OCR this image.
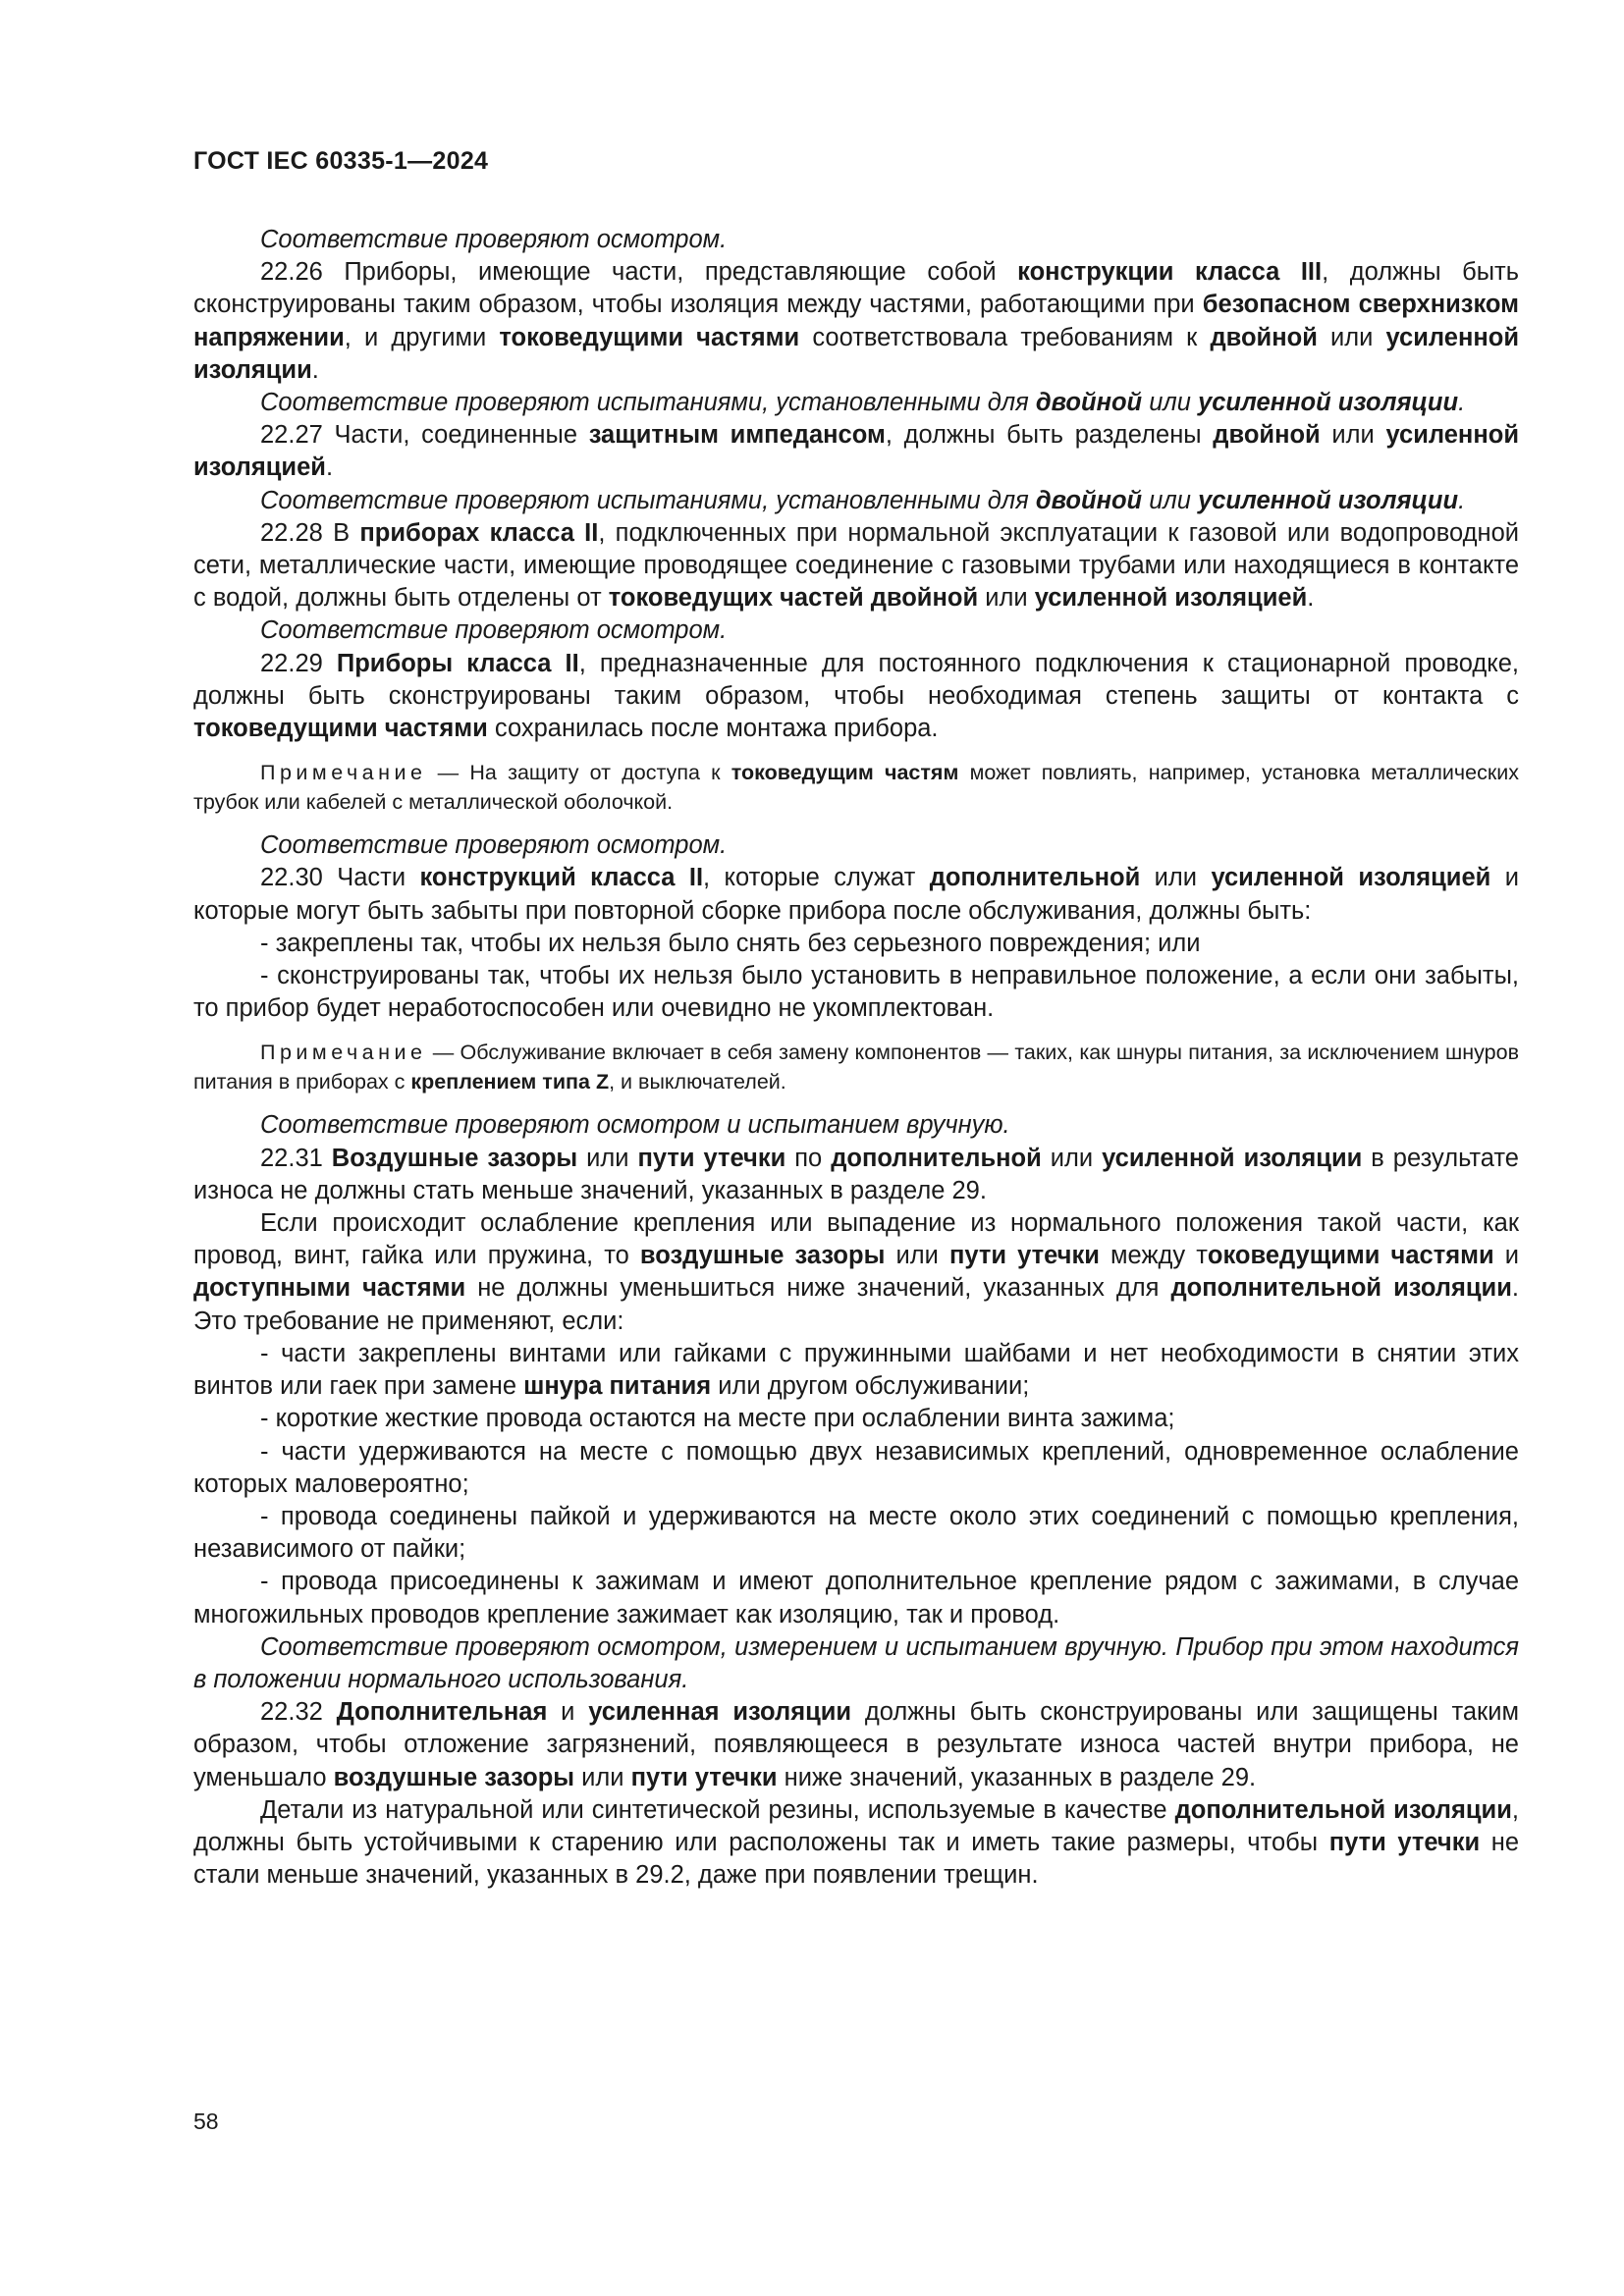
ГОСТ IEC 60335-1—2024

Соответствие проверяют осмотром.

22.26 Приборы, имеющие части, представляющие собой конструкции класса III, должны быть сконструированы таким образом, чтобы изоляция между частями, работающими при безопасном сверхнизком напряжении, и другими токоведущими частями соответствовала требованиям к двойной или усиленной изоляции.

Соответствие проверяют испытаниями, установленными для двойной или усиленной изоляции.

22.27 Части, соединенные защитным импедансом, должны быть разделены двойной или усиленной изоляцией.

Соответствие проверяют испытаниями, установленными для двойной или усиленной изоляции.

22.28 В приборах класса II, подключенных при нормальной эксплуатации к газовой или водопроводной сети, металлические части, имеющие проводящее соединение с газовыми трубами или находящиеся в контакте с водой, должны быть отделены от токоведущих частей двойной или усиленной изоляцией.

Соответствие проверяют осмотром.

22.29 Приборы класса II, предназначенные для постоянного подключения к стационарной проводке, должны быть сконструированы таким образом, чтобы необходимая степень защиты от контакта с токоведущими частями сохранилась после монтажа прибора.

Примечание — На защиту от доступа к токоведущим частям может повлиять, например, установка металлических трубок или кабелей с металлической оболочкой.

Соответствие проверяют осмотром.

22.30 Части конструкций класса II, которые служат дополнительной или усиленной изоляцией и которые могут быть забыты при повторной сборке прибора после обслуживания, должны быть:

- закреплены так, чтобы их нельзя было снять без серьезного повреждения; или

- сконструированы так, чтобы их нельзя было установить в неправильное положение, а если они забыты, то прибор будет неработоспособен или очевидно не укомплектован.

Примечание — Обслуживание включает в себя замену компонентов — таких, как шнуры питания, за исключением шнуров питания в приборах с креплением типа Z, и выключателей.

Соответствие проверяют осмотром и испытанием вручную.

22.31 Воздушные зазоры или пути утечки по дополнительной или усиленной изоляции в результате износа не должны стать меньше значений, указанных в разделе 29.

Если происходит ослабление крепления или выпадение из нормального положения такой части, как провод, винт, гайка или пружина, то воздушные зазоры или пути утечки между токоведущими частями и доступными частями не должны уменьшиться ниже значений, указанных для дополнительной изоляции. Это требование не применяют, если:

- части закреплены винтами или гайками с пружинными шайбами и нет необходимости в снятии этих винтов или гаек при замене шнура питания или другом обслуживании;

- короткие жесткие провода остаются на месте при ослаблении винта зажима;

- части удерживаются на месте с помощью двух независимых креплений, одновременное ослабление которых маловероятно;

- провода соединены пайкой и удерживаются на месте около этих соединений с помощью крепления, независимого от пайки;

- провода присоединены к зажимам и имеют дополнительное крепление рядом с зажимами, в случае многожильных проводов крепление зажимает как изоляцию, так и провод.

Соответствие проверяют осмотром, измерением и испытанием вручную. Прибор при этом находится в положении нормального использования.

22.32 Дополнительная и усиленная изоляции должны быть сконструированы или защищены таким образом, чтобы отложение загрязнений, появляющееся в результате износа частей внутри прибора, не уменьшало воздушные зазоры или пути утечки ниже значений, указанных в разделе 29.

Детали из натуральной или синтетической резины, используемые в качестве дополнительной изоляции, должны быть устойчивыми к старению или расположены так и иметь такие размеры, чтобы пути утечки не стали меньше значений, указанных в 29.2, даже при появлении трещин.

58
